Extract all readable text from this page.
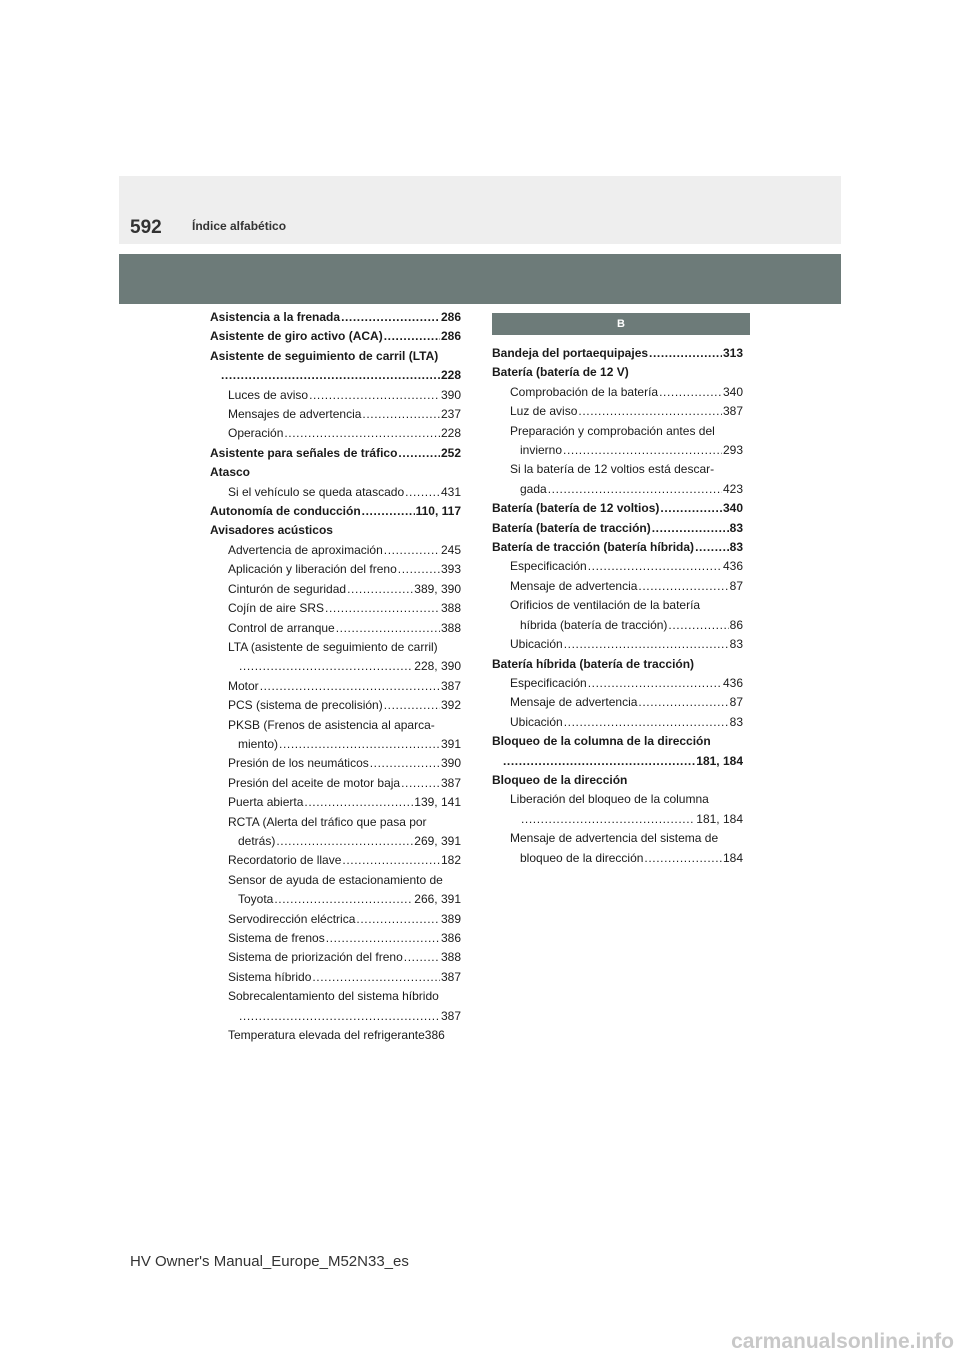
592	Índice alfabético
Asistencia a la frenada .....	286
Asistente de giro activo (ACA) .....	286
Asistente de seguimiento de carril (LTA)
.....
228
Luces de aviso .....	390
Mensajes de advertencia .....	237
Operación .....	228
Asistente para señales de tráfico .....	252
Atasco
Si el vehículo se queda atascado .....	431
Autonomía de conducción .....	110, 117
Avisadores acústicos
Advertencia de aproximación .....	245
Aplicación y liberación del freno .....	393
Cinturón de seguridad .....	389, 390
Cojín de aire SRS .....	388
Control de arranque .....	388
LTA (asistente de seguimiento de carril)
.....
228, 390
Motor .....	387
PCS (sistema de precolisión) .....	392
PKSB (Frenos de asistencia al aparca-
miento) .....	391
Presión de los neumáticos .....	390
Presión del aceite de motor baja .....	387
Puerta abierta .....	139, 141
RCTA (Alerta del tráfico que pasa por
detrás) .....	269, 391
Recordatorio de llave .....	182
Sensor de ayuda de estacionamiento de
Toyota .....	266, 391
Servodirección eléctrica .....	389
Sistema de frenos .....	386
Sistema de priorización del freno .....	388
Sistema híbrido .....	387
Sobrecalentamiento del sistema híbrido
.....
387
Temperatura elevada del refrigerante 386
B
Bandeja del portaequipajes .....	313
Batería (batería de 12 V)
Comprobación de la batería .....	340
Luz de aviso .....	387
Preparación y comprobación antes del
invierno .....	293
Si la batería de 12 voltios está descar-
gada .....	423
Batería (batería de 12 voltios) .....	340
Batería (batería de tracción) .....	83
Batería de tracción (batería híbrida) .....	83
Especificación .....	436
Mensaje de advertencia .....	87
Orificios de ventilación de la batería
híbrida (batería de tracción) .....	86
Ubicación .....	83
Batería híbrida (batería de tracción)
Especificación .....	436
Mensaje de advertencia .....	87
Ubicación .....	83
Bloqueo de la columna de la dirección
.....
181, 184
Bloqueo de la dirección
Liberación del bloqueo de la columna
.....
181, 184
Mensaje de advertencia del sistema de
bloqueo de la dirección .....	184
HV Owner's Manual_Europe_M52N33_es
carmanualsonline.info
